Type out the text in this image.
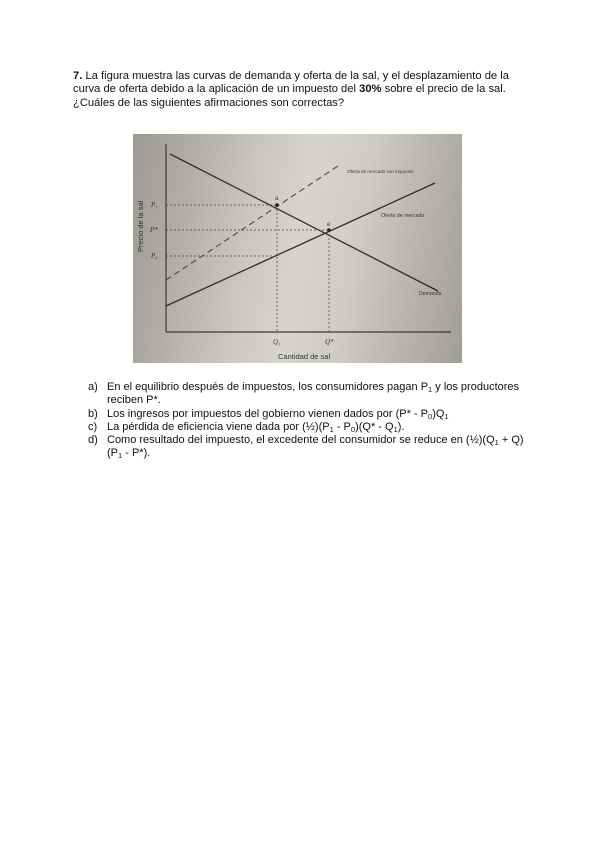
7. La figura muestra las curvas de demanda y oferta de la sal, y el desplazamiento de la curva de oferta debido a la aplicación de un impuesto del 30% sobre el precio de la sal.

¿Cuáles de las siguientes afirmaciones son correctas?

a
e
P₁
P*
P₀
Q₁	Q*
Precio de la sal
Cantidad de sal
Oferta de mercado con impuesto
Oferta de mercado
Demanda
a) En el equilibrio después de impuestos, los consumidores pagan $P_1$ y los productores reciben P*.
b) Los ingresos por impuestos del gobierno vienen dados por $(P* - P_0)Q_1$
c) La pérdida de eficiencia viene dada por $(\frac{1}{2})(P_1 - P_0)(Q* - Q_1)$.
d) Como resultado del impuesto, el excedente del consumidor se reduce en $(\frac{1}{2})(Q_1 + Q)(P_1 - P*)$.
